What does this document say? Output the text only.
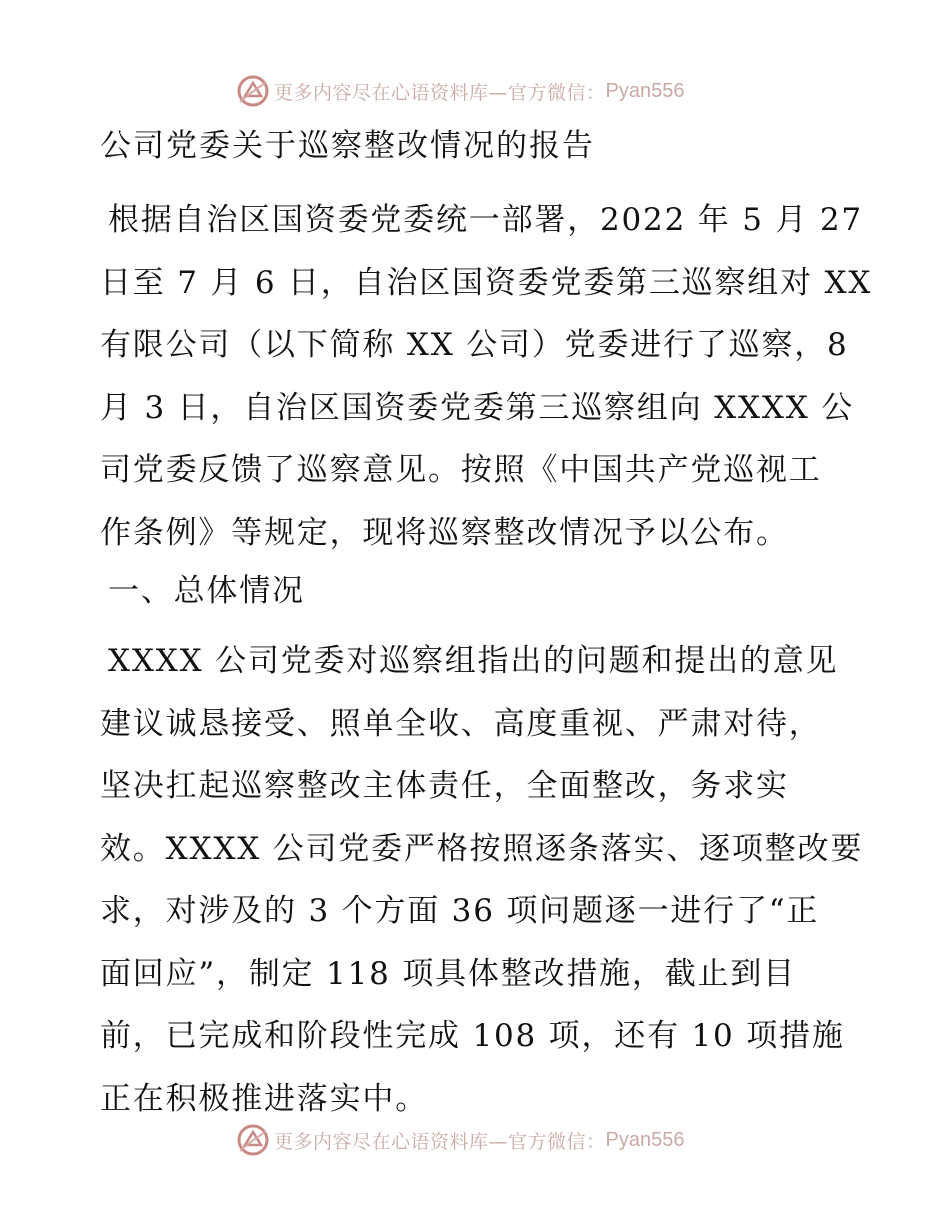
更多内容尽在心语资料库—官方微信： Pyan556
公司党委关于巡察整改情况的报告

根据自治区国资委党委统一部署，2022 年 5 月 27
日至 7 月 6 日，自治区国资委党委第三巡察组对 XX
有限公司（以下简称 XX 公司）党委进行了巡察，8
月 3 日，自治区国资委党委第三巡察组向 XXXX 公
司党委反馈了巡察意见。按照《中国共产党巡视工
作条例》等规定，现将巡察整改情况予以公布。

一、总体情况

XXXX 公司党委对巡察组指出的问题和提出的意见
建议诚恳接受、照单全收、高度重视、严肃对待，
坚决扛起巡察整改主体责任，全面整改，务求实
效。XXXX 公司党委严格按照逐条落实、逐项整改要
求，对涉及的 3 个方面 36 项问题逐一进行了“正
面回应”，制定 118 项具体整改措施，截止到目
前，已完成和阶段性完成 108 项，还有 10 项措施
正在积极推进落实中。

更多内容尽在心语资料库—官方微信： Pyan556
